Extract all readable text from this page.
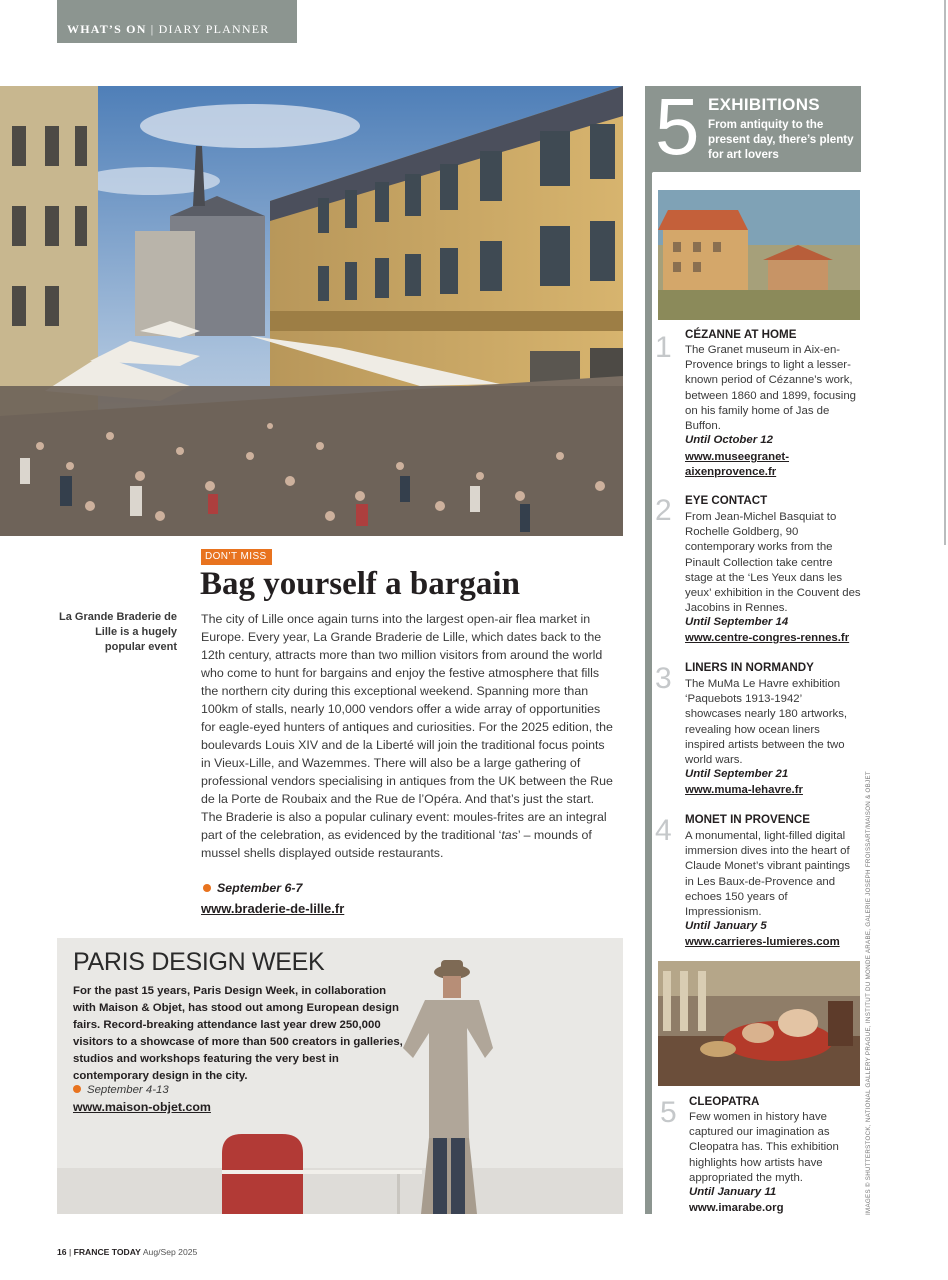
WHAT’S ON | DIARY PLANNER
DON’T MISS
Bag yourself a bargain
La Grande Braderie de Lille is a hugely popular event

The city of Lille once again turns into the largest open-air flea market in Europe. Every year, La Grande Braderie de Lille, which dates back to the 12th century, attracts more than two million visitors from around the world who come to hunt for bargains and enjoy the festive atmosphere that fills the northern city during this exceptional weekend. Spanning more than 100km of stalls, nearly 10,000 vendors offer a wide array of opportunities for eagle-eyed hunters of antiques and curiosities. For the 2025 edition, the boulevards Louis XIV and de la Liberté will join the traditional focus points in Vieux-Lille, and Wazemmes. There will also be a large gathering of professional vendors specialising in antiques from the UK between the Rue de la Porte de Roubaix and the Rue de l’Opéra. And that’s just the start. The Braderie is also a popular culinary event: moules-frites are an integral part of the celebration, as evidenced by the traditional ‘tas’ – mounds of mussel shells displayed outside restaurants.

September 6-7
www.braderie-de-lille.fr
PARIS DESIGN WEEK

For the past 15 years, Paris Design Week, in collaboration with Maison & Objet, has stood out among European design fairs. Record-breaking attendance last year drew 250,000 visitors to a showcase of more than 500 creators in galleries, studios and workshops featuring the very best in contemporary design in the city.

September 4-13
www.maison-objet.com
5 EXHIBITIONS
From antiquity to the present day, there’s plenty for art lovers
1 CÉZANNE AT HOME
The Granet museum in Aix-en-Provence brings to light a lesser-known period of Cézanne’s work, between 1860 and 1899, focusing on his family home of Jas de Buffon.
Until October 12
www.museegranet-aixenprovence.fr
2 EYE CONTACT
From Jean-Michel Basquiat to Rochelle Goldberg, 90 contemporary works from the Pinault Collection take centre stage at the ‘Les Yeux dans les yeux’ exhibition in the Couvent des Jacobins in Rennes.
Until September 14
www.centre-congres-rennes.fr
3 LINERS IN NORMANDY
The MuMa Le Havre exhibition ‘Paquebots 1913-1942’ showcases nearly 180 artworks, revealing how ocean liners inspired artists between the two world wars.
Until September 21
www.muma-lehavre.fr
4 MONET IN PROVENCE
A monumental, light-filled digital immersion dives into the heart of Claude Monet’s vibrant paintings in Les Baux-de-Provence and echoes 150 years of Impressionism.
Until January 5
www.carrieres-lumieres.com
5 CLEOPATRA
Few women in history have captured our imagination as Cleopatra has. This exhibition highlights how artists have appropriated the myth.
Until January 11
www.imarabe.org	IMAGES © SHUTTERSTOCK, NATIONAL GALLERY PRAGUE, INSTITUT DU MONDE ARABE, GALERIE JOSEPH FROISSART/MAISON & OBJET
16 | FRANCE TODAY Aug/Sep 2025
